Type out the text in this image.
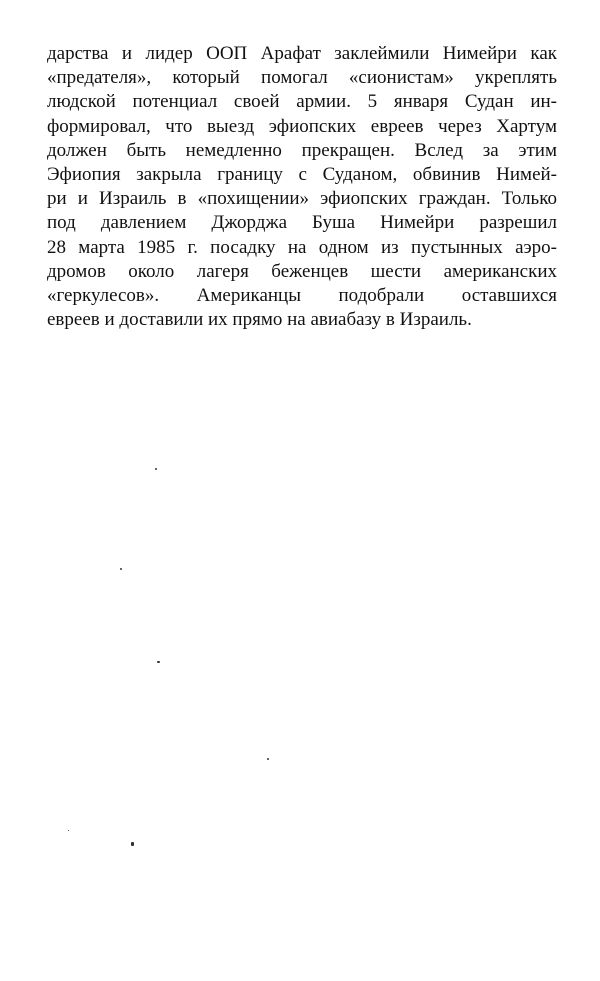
дарства и лидер ООП Арафат заклеймили Нимейри как
«предателя», который помогал «сионистам» укреплять
людской потенциал своей армии. 5 января Судан ин-
формировал, что выезд эфиопских евреев через Хартум
должен быть немедленно прекращен. Вслед за этим
Эфиопия закрыла границу с Суданом, обвинив Нимей-
ри и Израиль в «похищении» эфиопских граждан. Только
под давлением Джорджа Буша Нимейри разрешил
28 марта 1985 г. посадку на одном из пустынных аэро-
дромов около лагеря беженцев шести американских
«геркулесов». Американцы подобрали оставшихся
евреев и доставили их прямо на авиабазу в Израиль.
